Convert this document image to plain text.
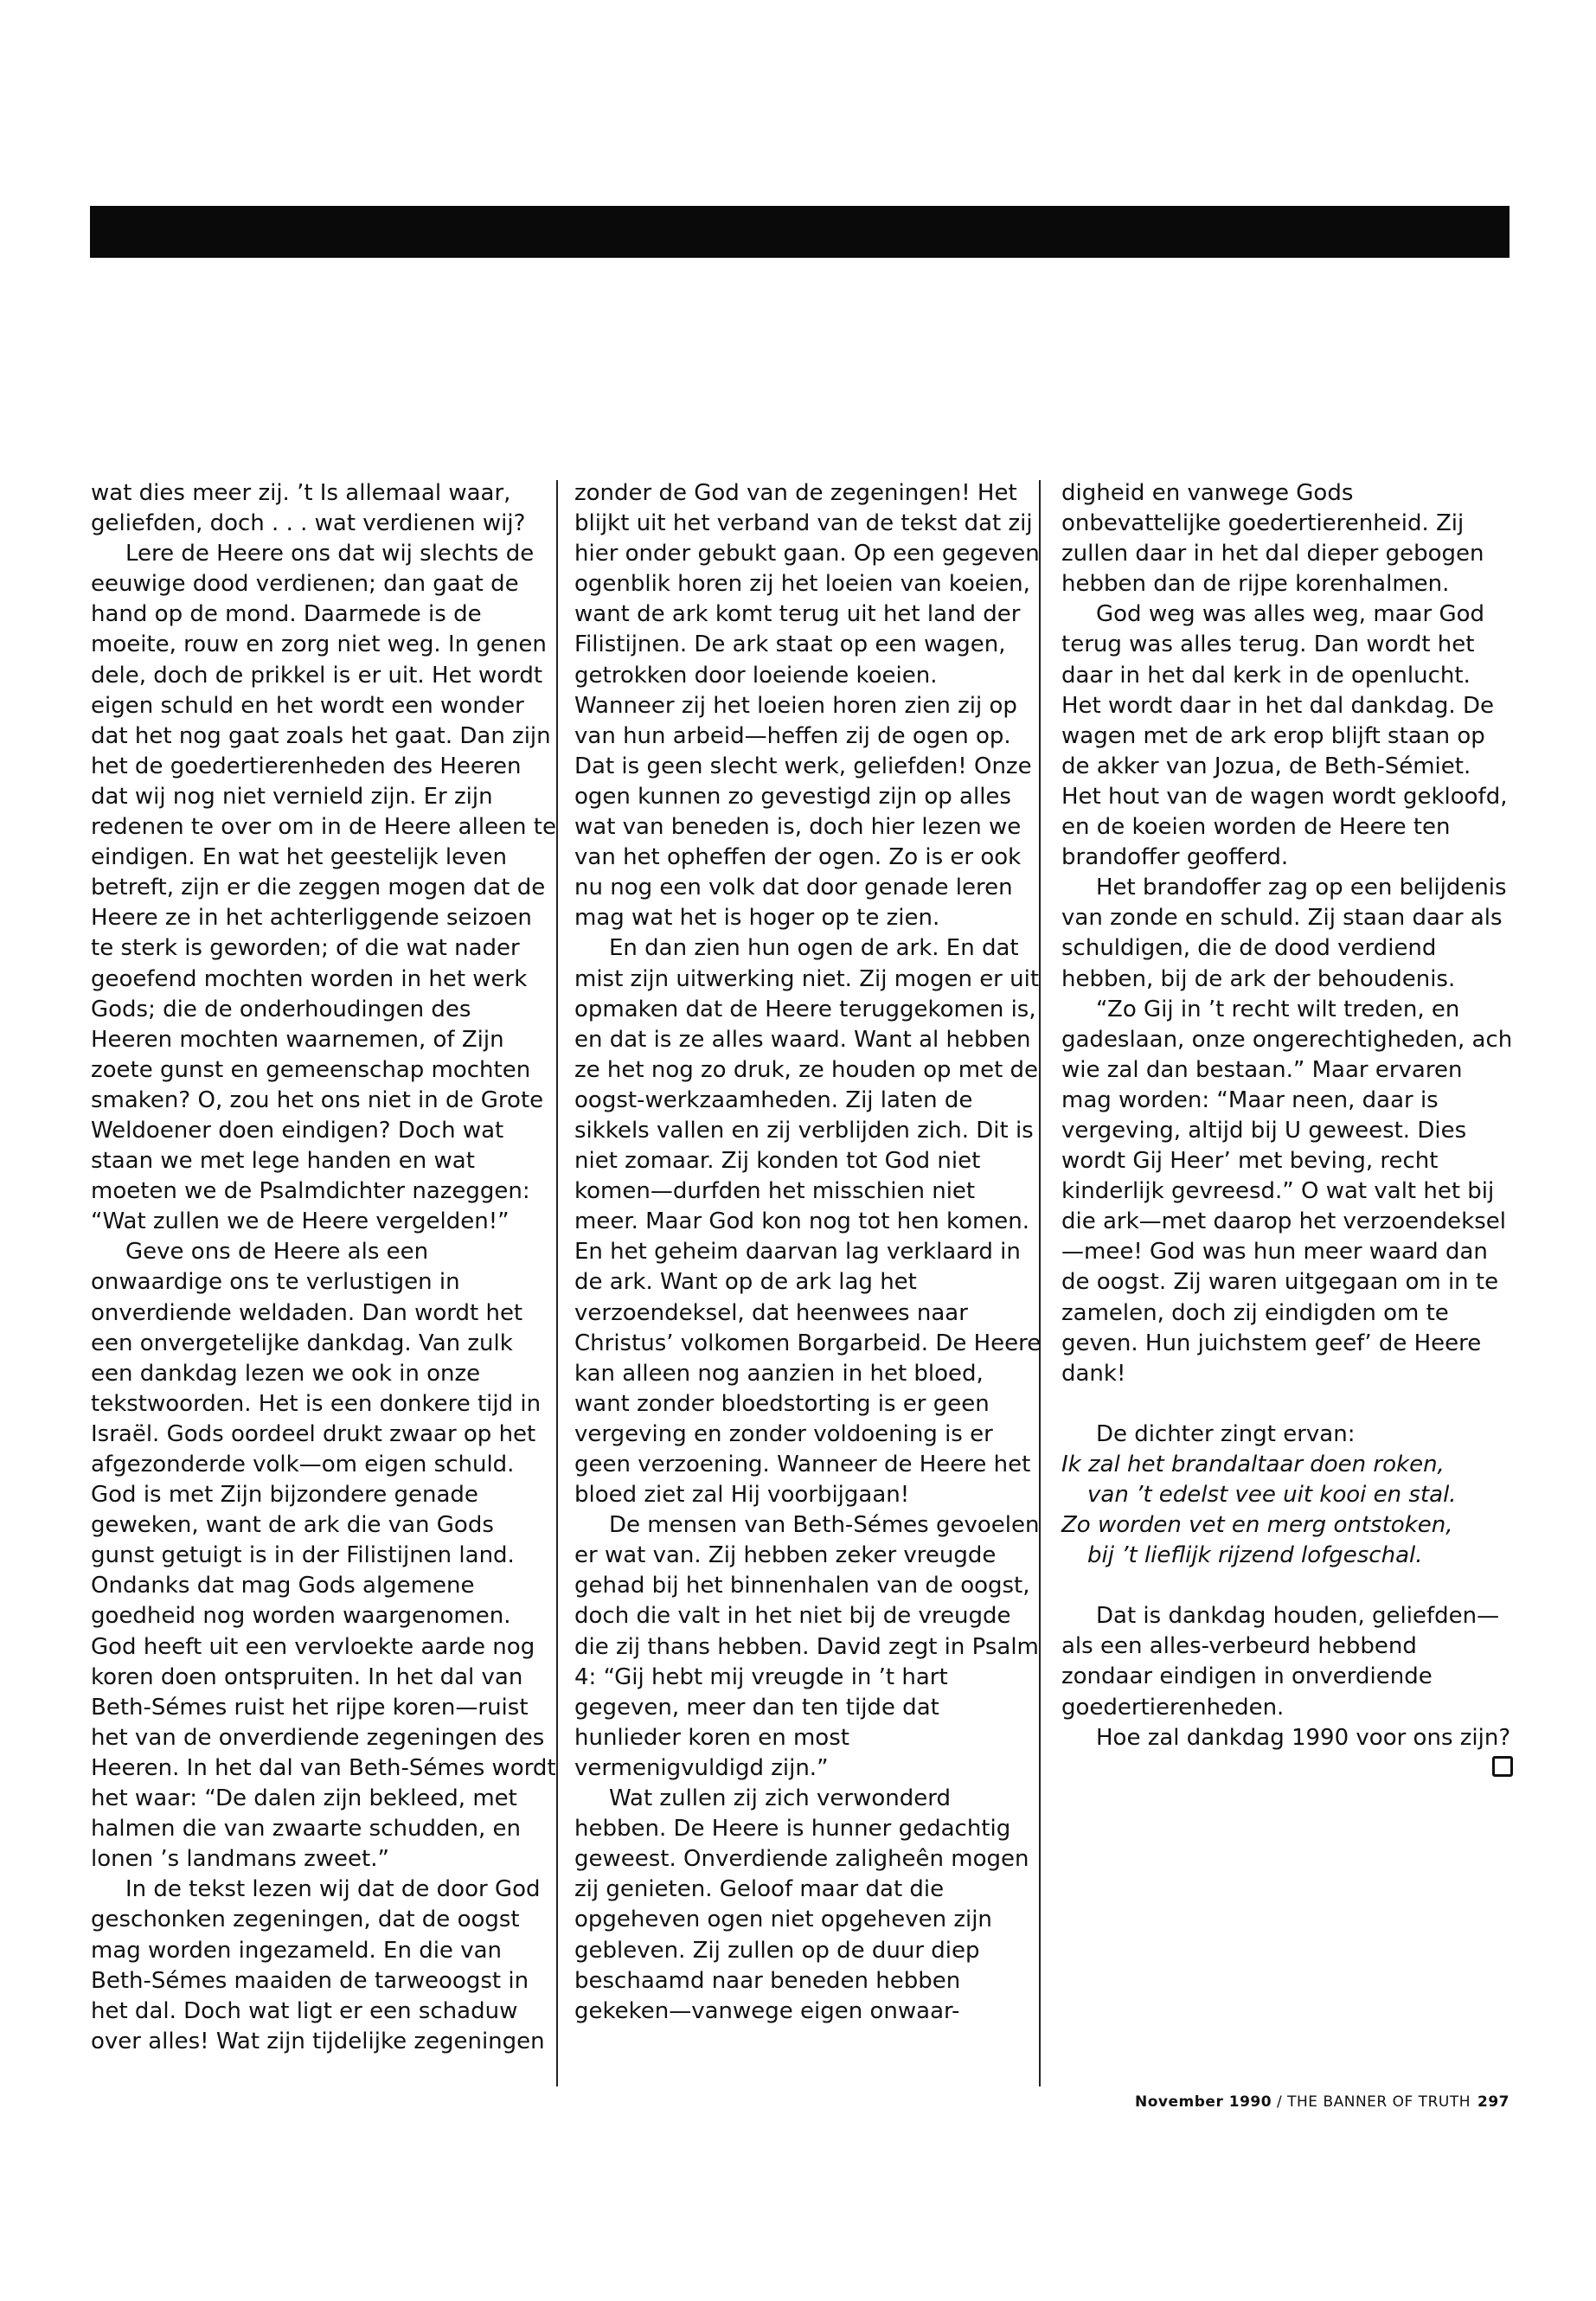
wat dies meer zij. ’t Is allemaal waar, geliefden, doch . . . wat verdienen wij?

Lere de Heere ons dat wij slechts de eeuwige dood verdienen; dan gaat de hand op de mond. Daarmede is de moeite, rouw en zorg niet weg. In genen dele, doch de prikkel is er uit. Het wordt eigen schuld en het wordt een wonder dat het nog gaat zoals het gaat. Dan zijn het de goedertierenheden des Heeren dat wij nog niet vernield zijn. Er zijn redenen te over om in de Heere alleen te eindigen. En wat het geestelijk leven betreft, zijn er die zeggen mogen dat de Heere ze in het achterliggende seizoen te sterk is geworden; of die wat nader geoefend mochten worden in het werk Gods; die de onderhoudingen des Heeren mochten waarnemen, of Zijn zoete gunst en gemeenschap mochten smaken? O, zou het ons niet in de Grote Weldoener doen eindigen? Doch wat staan we met lege handen en wat moeten we de Psalmdichter nazeggen: “Wat zullen we de Heere vergelden!”

Geve ons de Heere als een onwaardige ons te verlustigen in onverdiende weldaden. Dan wordt het een onvergetelijke dankdag. Van zulk een dankdag lezen we ook in onze tekstwoorden. Het is een donkere tijd in Israël. Gods oordeel drukt zwaar op het afgezonderde volk—om eigen schuld. God is met Zijn bijzondere genade geweken, want de ark die van Gods gunst getuigt is in der Filistijnen land. Ondanks dat mag Gods algemene goedheid nog worden waargenomen. God heeft uit een vervloekte aarde nog koren doen ontspruiten. In het dal van Beth-Sémes ruist het rijpe koren—ruist het van de onverdiende zegeningen des Heeren. In het dal van Beth-Sémes wordt het waar: “De dalen zijn bekleed, met halmen die van zwaarte schudden, en lonen ’s landmans zweet.”

In de tekst lezen wij dat de door God geschonken zegeningen, dat de oogst mag worden ingezameld. En die van Beth-Sémes maaiden de tarweoogst in het dal. Doch wat ligt er een schaduw over alles! Wat zijn tijdelijke zegeningen

zonder de God van de zegeningen! Het blijkt uit het verband van de tekst dat zij hier onder gebukt gaan. Op een gegeven ogenblik horen zij het loeien van koeien, want de ark komt terug uit het land der Filistijnen. De ark staat op een wagen, getrokken door loeiende koeien. Wanneer zij het loeien horen zien zij op van hun arbeid—heffen zij de ogen op. Dat is geen slecht werk, geliefden! Onze ogen kunnen zo gevestigd zijn op alles wat van beneden is, doch hier lezen we van het opheffen der ogen. Zo is er ook nu nog een volk dat door genade leren mag wat het is hoger op te zien.

En dan zien hun ogen de ark. En dat mist zijn uitwerking niet. Zij mogen er uit opmaken dat de Heere teruggekomen is, en dat is ze alles waard. Want al hebben ze het nog zo druk, ze houden op met de oogst-werkzaamheden. Zij laten de sikkels vallen en zij verblijden zich. Dit is niet zomaar. Zij konden tot God niet komen—durfden het misschien niet meer. Maar God kon nog tot hen komen. En het geheim daarvan lag verklaard in de ark. Want op de ark lag het verzoendeksel, dat heenwees naar Christus’ volkomen Borgarbeid. De Heere kan alleen nog aanzien in het bloed, want zonder bloedstorting is er geen vergeving en zonder voldoening is er geen verzoening. Wanneer de Heere het bloed ziet zal Hij voorbijgaan!

De mensen van Beth-Sémes gevoelen er wat van. Zij hebben zeker vreugde gehad bij het binnenhalen van de oogst, doch die valt in het niet bij de vreugde die zij thans hebben. David zegt in Psalm 4: “Gij hebt mij vreugde in ’t hart gegeven, meer dan ten tijde dat hunlieder koren en most vermenigvuldigd zijn.”

Wat zullen zij zich verwonderd hebben. De Heere is hunner gedachtig geweest. Onverdiende zaligheên mogen zij genieten. Geloof maar dat die opgeheven ogen niet opgeheven zijn gebleven. Zij zullen op de duur diep beschaamd naar beneden hebben gekeken—vanwege eigen onwaar-

digheid en vanwege Gods onbevattelijke goedertierenheid. Zij zullen daar in het dal dieper gebogen hebben dan de rijpe korenhalmen.

God weg was alles weg, maar God terug was alles terug. Dan wordt het daar in het dal kerk in de openlucht. Het wordt daar in het dal dankdag. De wagen met de ark erop blijft staan op de akker van Jozua, de Beth-Sémiet. Het hout van de wagen wordt gekloofd, en de koeien worden de Heere ten brandoffer geofferd.

Het brandoffer zag op een belijdenis van zonde en schuld. Zij staan daar als schuldigen, die de dood verdiend hebben, bij de ark der behoudenis.

“Zo Gij in ’t recht wilt treden, en gadeslaan, onze ongerechtigheden, ach wie zal dan bestaan.” Maar ervaren mag worden: “Maar neen, daar is vergeving, altijd bij U geweest. Dies wordt Gij Heer’ met beving, recht kinderlijk gevreesd.” O wat valt het bij die ark—met daarop het verzoendeksel—mee! God was hun meer waard dan de oogst. Zij waren uitgegaan om in te zamelen, doch zij eindigden om te geven. Hun juichstem geef’ de Heere dank!

De dichter zingt ervan:

Ik zal het brandaltaar doen roken,
van ’t edelst vee uit kooi en stal.
Zo worden vet en merg ontstoken,
bij ’t lieflijk rijzend lofgeschal.

Dat is dankdag houden, geliefden—als een alles-verbeurd hebbend zondaar eindigen in onverdiende goedertierenheden.

Hoe zal dankdag 1990 voor ons zijn?

November 1990 / THE BANNER OF TRUTH 297
